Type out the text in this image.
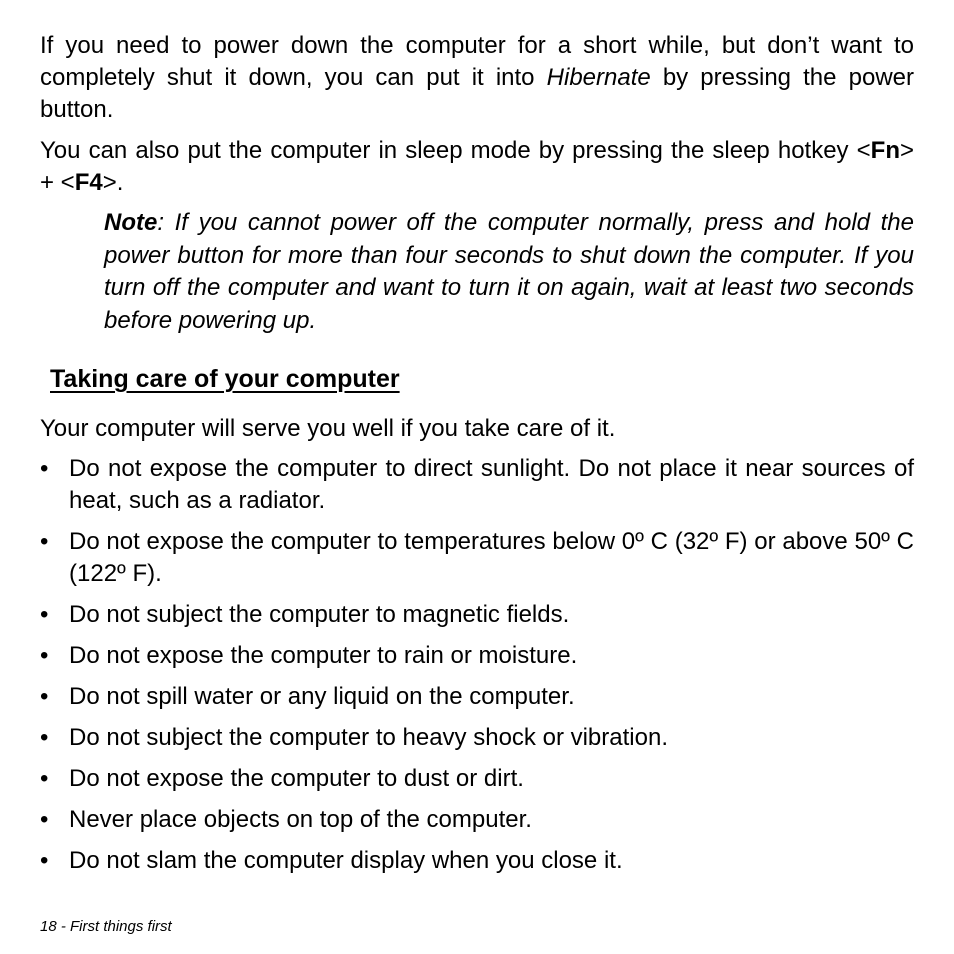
If you need to power down the computer for a short while, but don’t want to completely shut it down, you can put it into Hibernate by pressing the power button.

You can also put the computer in sleep mode by pressing the sleep hotkey <Fn> + <F4>.

Note: If you cannot power off the computer normally, press and hold the power button for more than four seconds to shut down the computer. If you turn off the computer and want to turn it on again, wait at least two seconds before powering up.

Taking care of your computer

Your computer will serve you well if you take care of it.

• Do not expose the computer to direct sunlight. Do not place it near sources of heat, such as a radiator.
• Do not expose the computer to temperatures below 0º C (32º F) or above 50º C (122º F).
• Do not subject the computer to magnetic fields.
• Do not expose the computer to rain or moisture.
• Do not spill water or any liquid on the computer.
• Do not subject the computer to heavy shock or vibration.
• Do not expose the computer to dust or dirt.
• Never place objects on top of the computer.
• Do not slam the computer display when you close it.
18 - First things first
